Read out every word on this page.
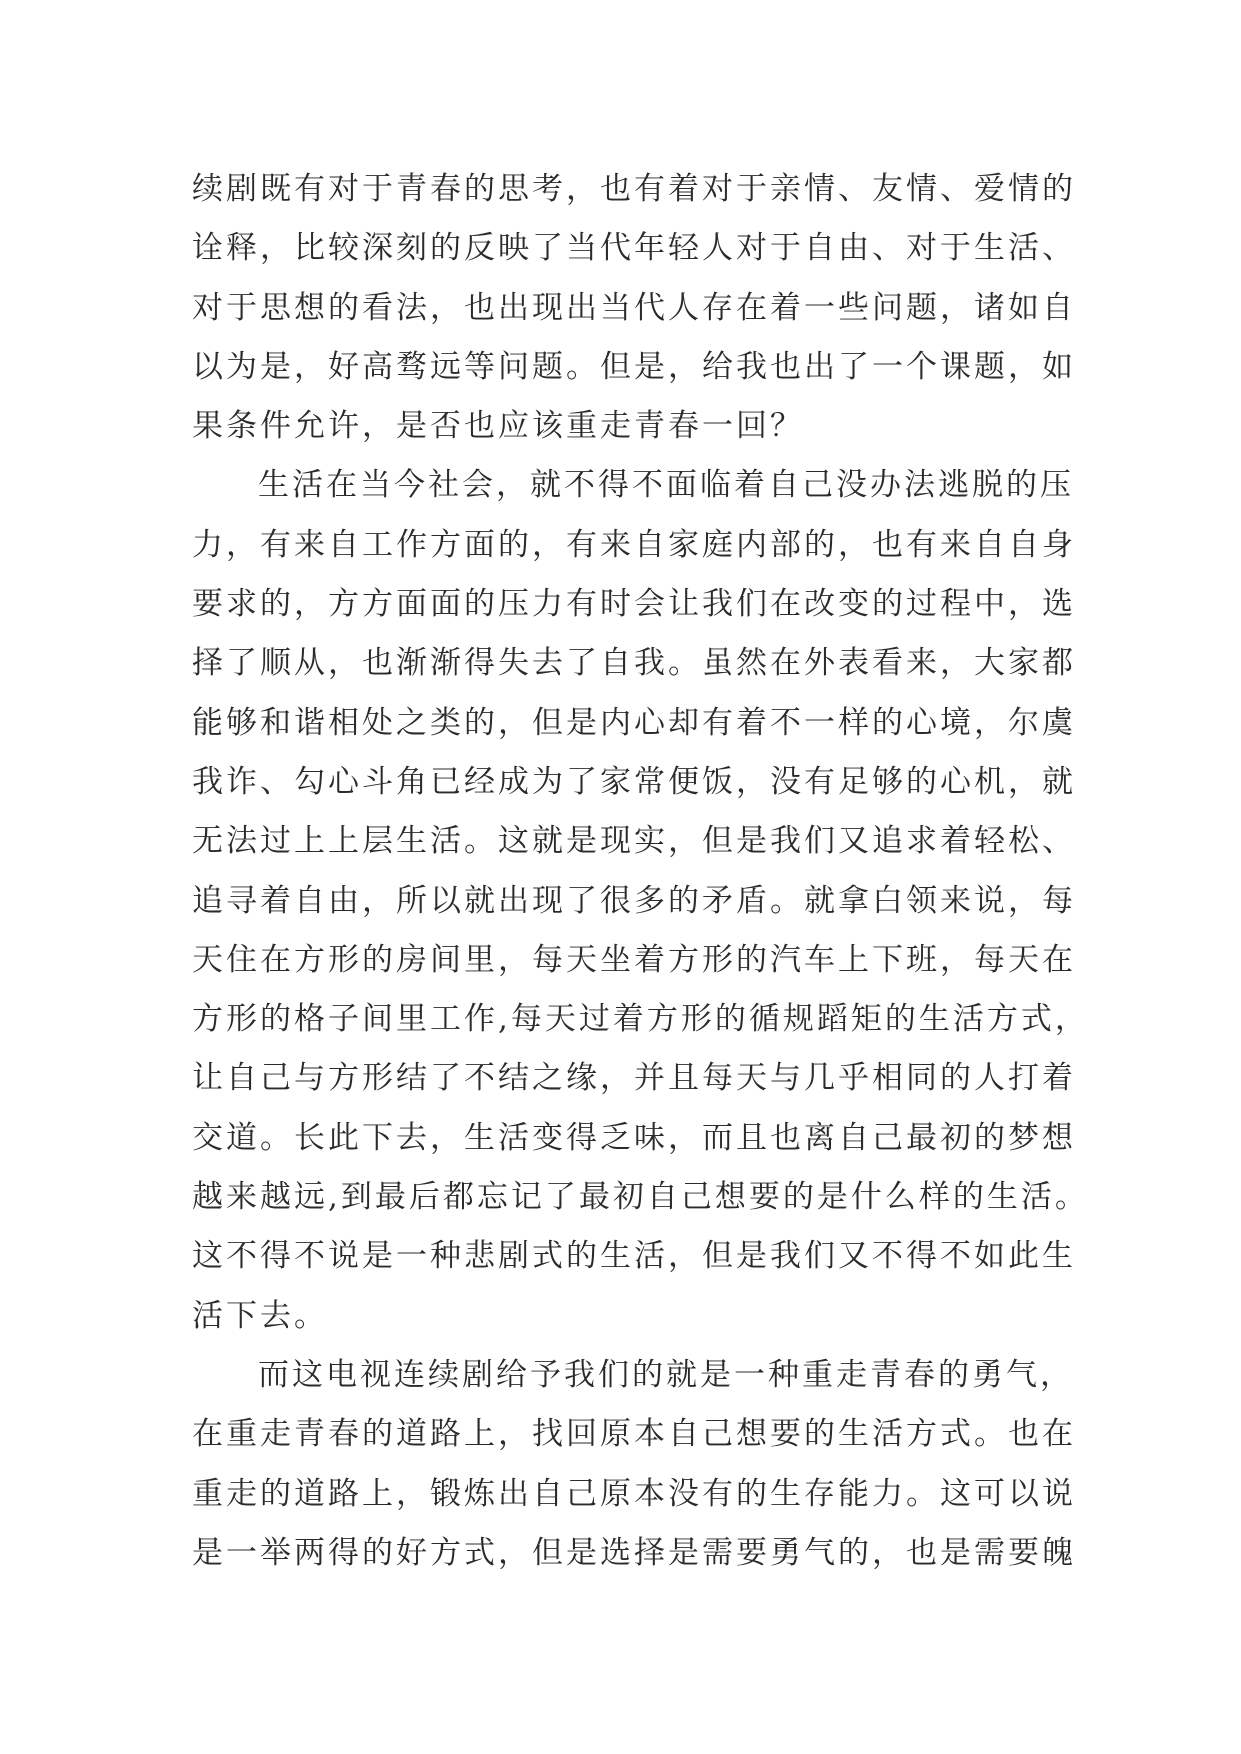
续剧既有对于青春的思考，也有着对于亲情、友情、爱情的
诠释，比较深刻的反映了当代年轻人对于自由、对于生活、
对于思想的看法，也出现出当代人存在着一些问题，诸如自
以为是，好高骛远等问题。但是，给我也出了一个课题，如
果条件允许，是否也应该重走青春一回？
生活在当今社会，就不得不面临着自己没办法逃脱的压
力，有来自工作方面的，有来自家庭内部的，也有来自自身
要求的，方方面面的压力有时会让我们在改变的过程中，选
择了顺从，也渐渐得失去了自我。虽然在外表看来，大家都
能够和谐相处之类的，但是内心却有着不一样的心境，尔虞
我诈、勾心斗角已经成为了家常便饭，没有足够的心机，就
无法过上上层生活。这就是现实，但是我们又追求着轻松、
追寻着自由，所以就出现了很多的矛盾。就拿白领来说，每
天住在方形的房间里，每天坐着方形的汽车上下班，每天在
方形的格子间里工作,每天过着方形的循规蹈矩的生活方式，
让自己与方形结了不结之缘，并且每天与几乎相同的人打着
交道。长此下去，生活变得乏味，而且也离自己最初的梦想
越来越远,到最后都忘记了最初自己想要的是什么样的生活。
这不得不说是一种悲剧式的生活，但是我们又不得不如此生
活下去。
而这电视连续剧给予我们的就是一种重走青春的勇气，
在重走青春的道路上，找回原本自己想要的生活方式。也在
重走的道路上，锻炼出自己原本没有的生存能力。这可以说
是一举两得的好方式，但是选择是需要勇气的，也是需要魄
